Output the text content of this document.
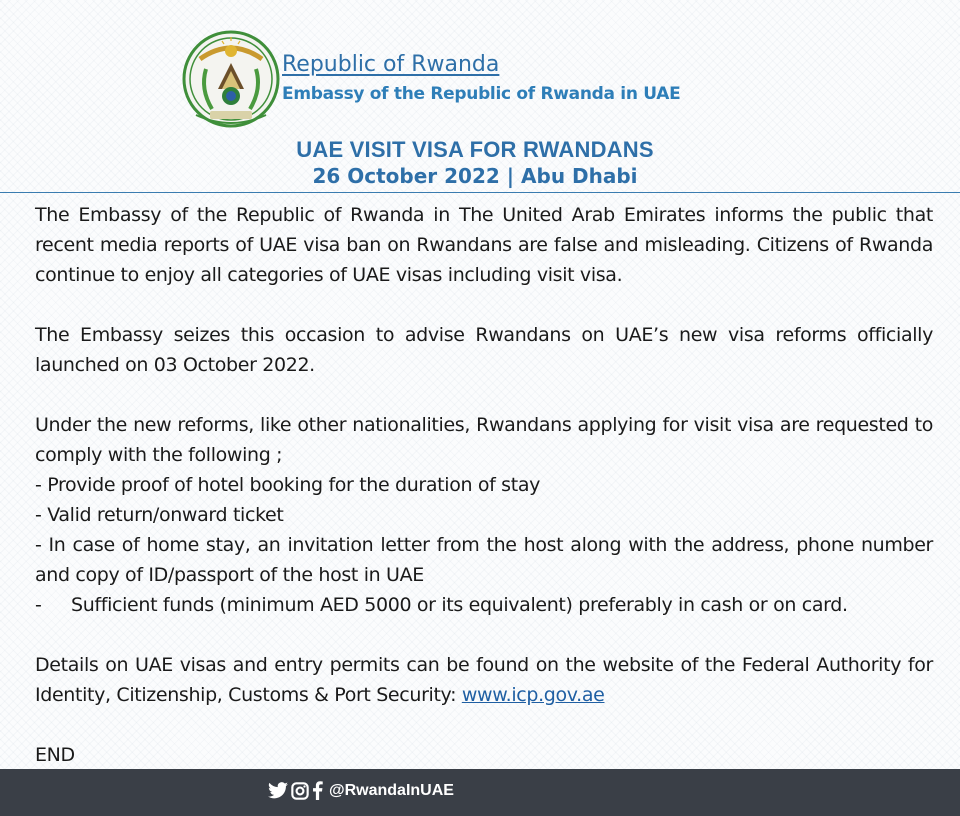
Republic of Rwanda
Embassy of the Republic of Rwanda in UAE
UAE VISIT VISA FOR RWANDANS
26 October 2022 | Abu Dhabi

The Embassy of the Republic of Rwanda in The United Arab Emirates informs the public that recent media reports of UAE visa ban on Rwandans are false and misleading. Citizens of Rwanda continue to enjoy all categories of UAE visas including visit visa.

The Embassy seizes this occasion to advise Rwandans on UAE’s new visa reforms officially launched on 03 October 2022.

Under the new reforms, like other nationalities, Rwandans applying for visit visa are requested to comply with the following ;

- Provide proof of hotel booking for the duration of stay

- Valid return/onward ticket

- In case of home stay, an invitation letter from the host along with the address, phone number and copy of ID/passport of the host in UAE

-	Sufficient funds (minimum AED 5000 or its equivalent) preferably in cash or on card.

Details on UAE visas and entry permits can be found on the website of the Federal Authority for Identity, Citizenship, Customs & Port Security: www.icp.gov.ae

END

@RwandaInUAE
